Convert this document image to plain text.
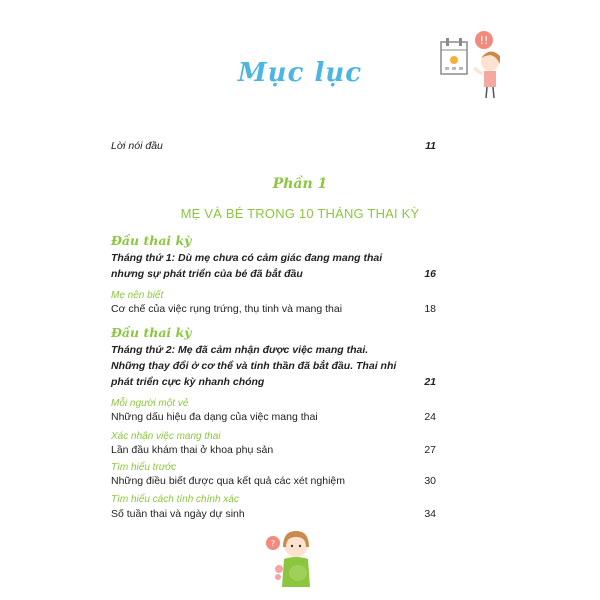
!!
Mục lục
Lời nói đầu	11
Phần 1
MẸ VÀ BÉ TRONG 10 THÁNG THAI KỲ
Đầu thai kỳ
Tháng thứ 1: Dù mẹ chưa có cảm giác đang mang thai
nhưng sự phát triển của bé đã bắt đầu	16
Mẹ nên biết
Cơ chế của việc rụng trứng, thụ tinh và mang thai	18
Đầu thai kỳ
Tháng thứ 2: Mẹ đã cảm nhận được việc mang thai.
Những thay đổi ở cơ thể và tinh thần đã bắt đầu. Thai nhi
phát triển cực kỳ nhanh chóng	21
Mỗi người một vẻ
Những dấu hiệu đa dạng của việc mang thai	24
Xác nhận việc mang thai
Lần đầu khám thai ở khoa phụ sản	27
Tìm hiểu trước
Những điều biết được qua kết quả các xét nghiệm	30
Tìm hiểu cách tính chính xác
Số tuần thai và ngày dự sinh	34
?
